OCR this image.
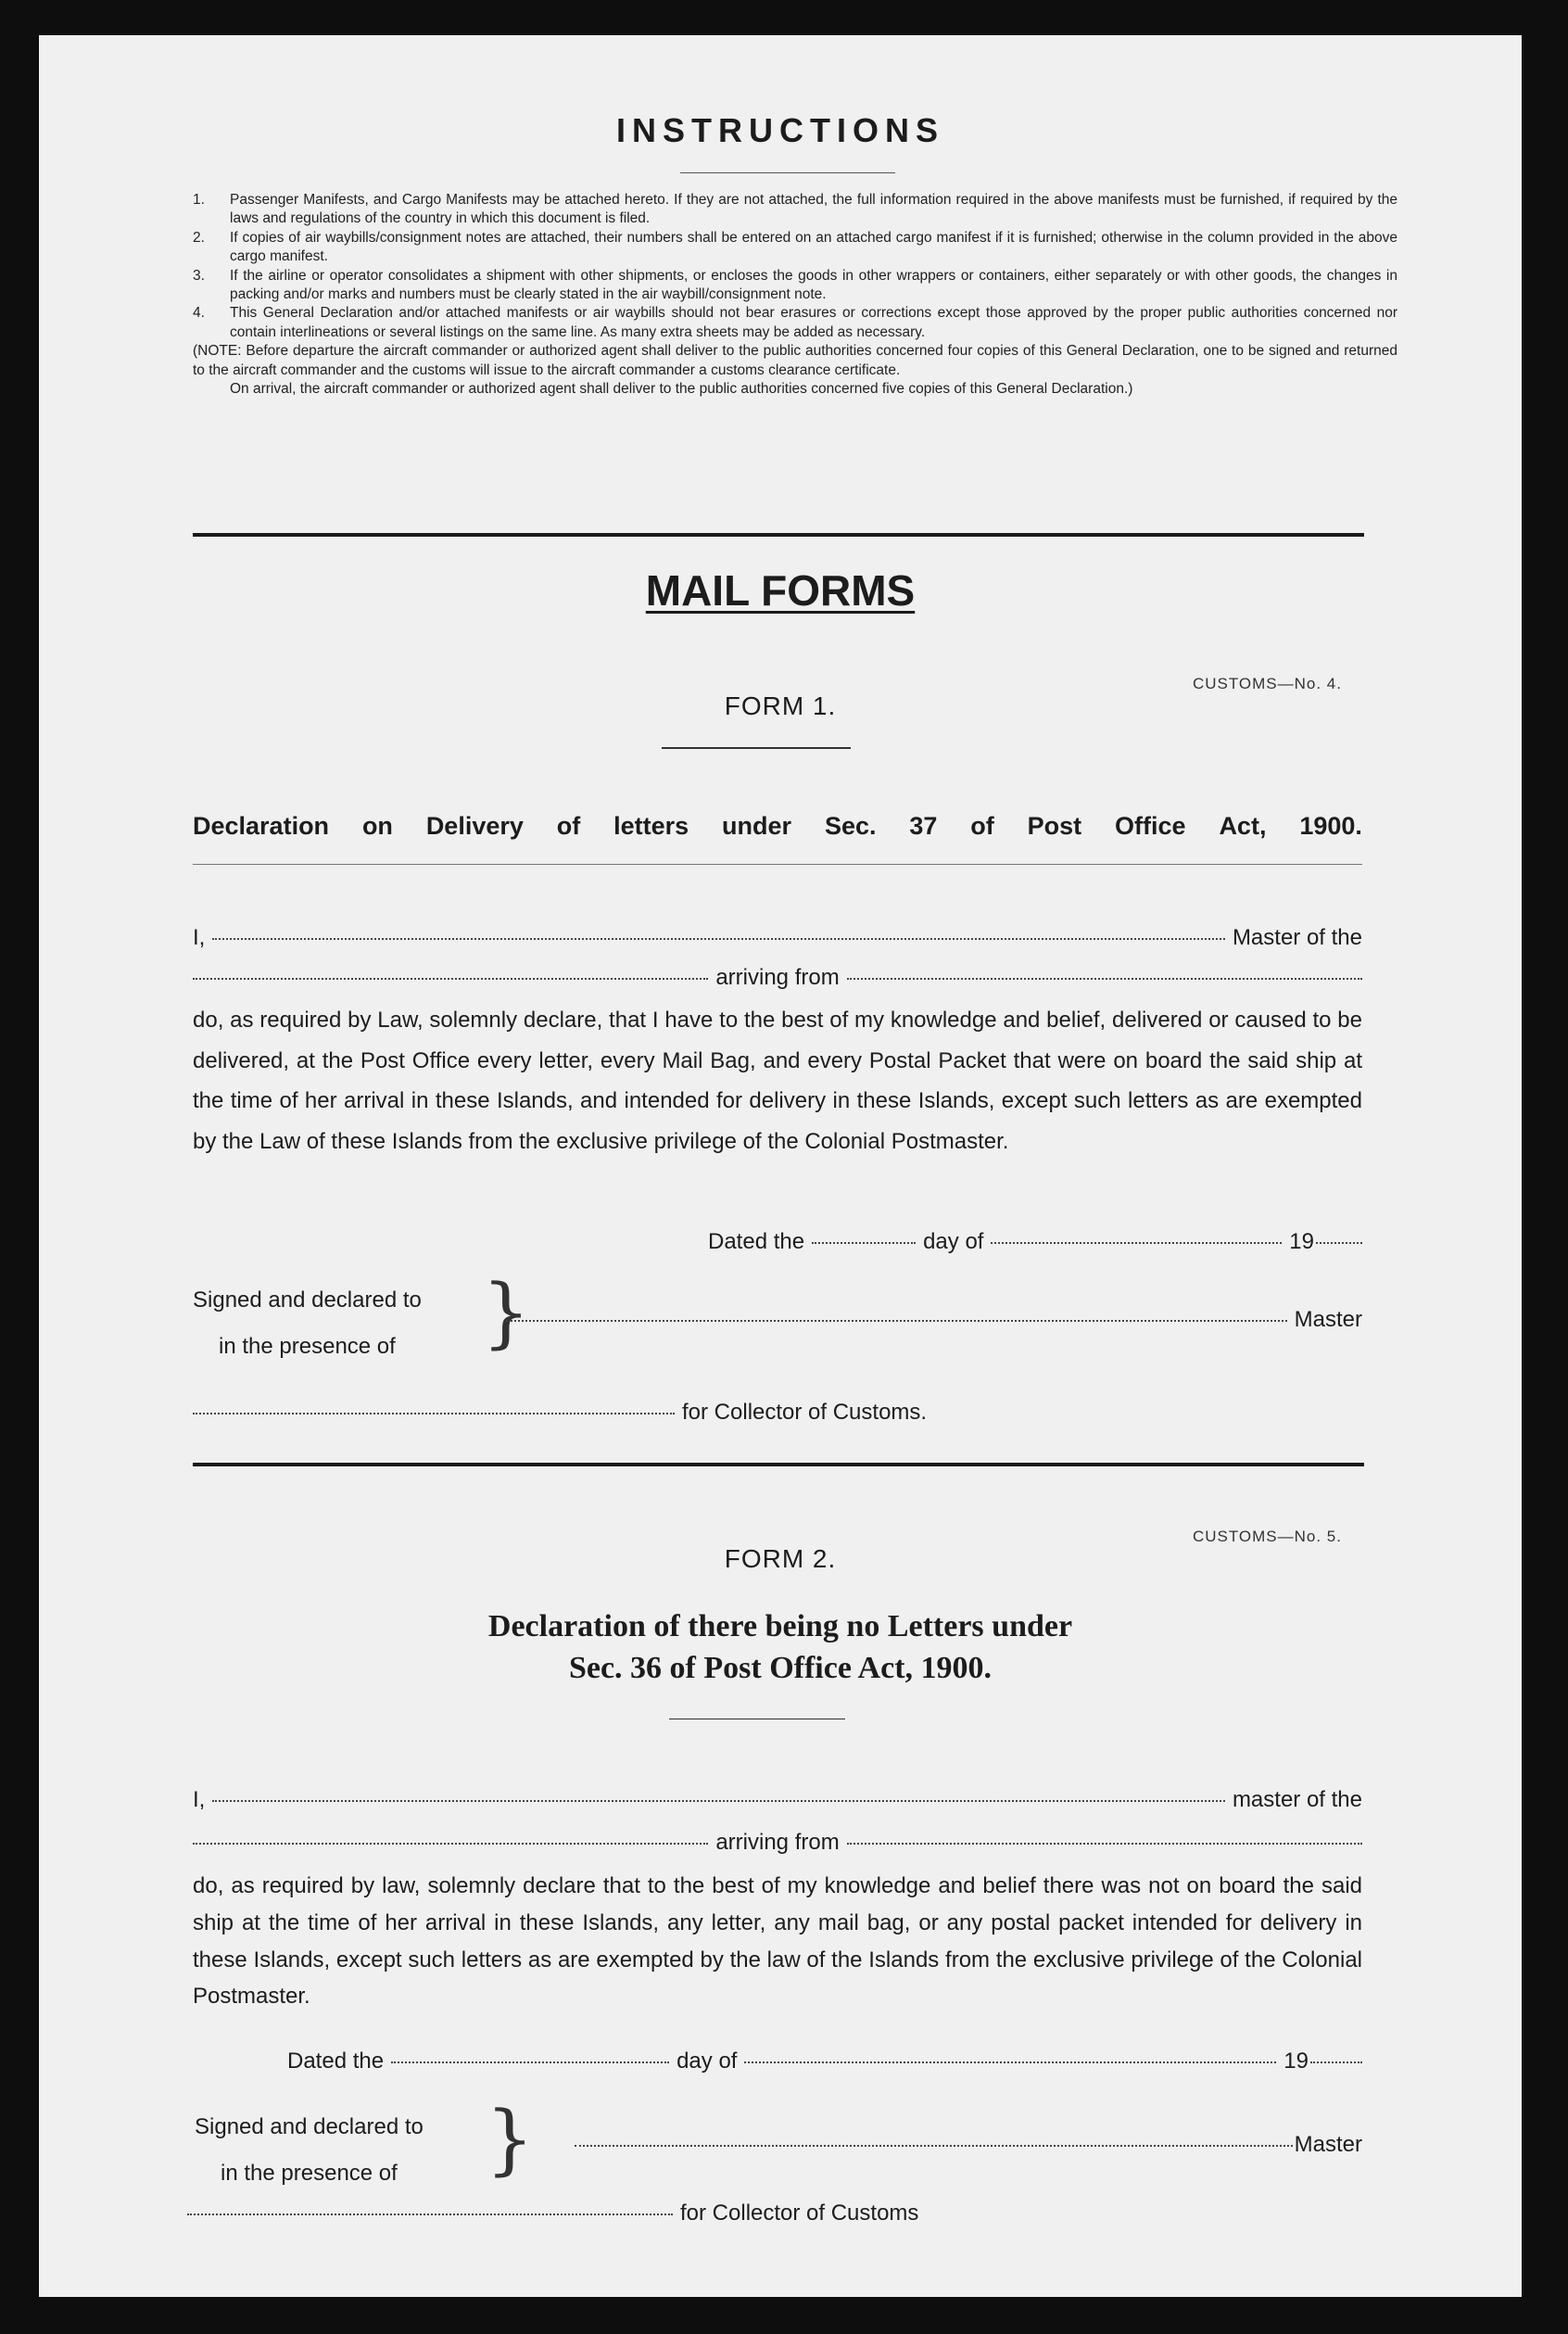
INSTRUCTIONS
1.	Passenger Manifests, and Cargo Manifests may be attached hereto. If they are not attached, the full information required in the above manifests must be furnished, if required by the laws and regulations of the country in which this document is filed.
2.	If copies of air waybills/consignment notes are attached, their numbers shall be entered on an attached cargo manifest if it is furnished; otherwise in the column provided in the above cargo manifest.
3.	If the airline or operator consolidates a shipment with other shipments, or encloses the goods in other wrappers or containers, either separately or with other goods, the changes in packing and/or marks and numbers must be clearly stated in the air waybill/consignment note.
4.	This General Declaration and/or attached manifests or air waybills should not bear erasures or corrections except those approved by the proper public authorities concerned nor contain interlineations or several listings on the same line. As many extra sheets may be added as necessary.
(NOTE: Before departure the aircraft commander or authorized agent shall deliver to the public authorities concerned four copies of this General Declaration, one to be signed and returned to the aircraft commander and the customs will issue to the aircraft commander a customs clearance certificate.
On arrival, the aircraft commander or authorized agent shall deliver to the public authorities concerned five copies of this General Declaration.)
MAIL FORMS
CUSTOMS—No. 4.
FORM 1.
Declaration on Delivery of letters under Sec. 37 of Post Office Act, 1900.
I,	Master of the
arriving from
do, as required by Law, solemnly declare, that I have to the best of my knowledge and belief, delivered or caused to be delivered, at the Post Office every letter, every Mail Bag, and every Postal Packet that were on board the said ship at the time of her arrival in these Islands, and intended for delivery in these Islands, except such letters as are exempted by the Law of these Islands from the exclusive privilege of the Colonial Postmaster.
Dated the	day of	19
Signed and declared to
in the presence of	}	Master
for Collector of Customs.
CUSTOMS—No. 5.
FORM 2.
Declaration of there being no Letters under
Sec. 36 of Post Office Act, 1900.
I,	master of the
arriving from
do, as required by law, solemnly declare that to the best of my knowledge and belief there was not on board the said ship at the time of her arrival in these Islands, any letter, any mail bag, or any postal packet intended for delivery in these Islands, except such letters as are exempted by the law of the Islands from the exclusive privilege of the Colonial Postmaster.
Dated the	day of	19
Signed and declared to
in the presence of	}	Master
for Collector of Customs
